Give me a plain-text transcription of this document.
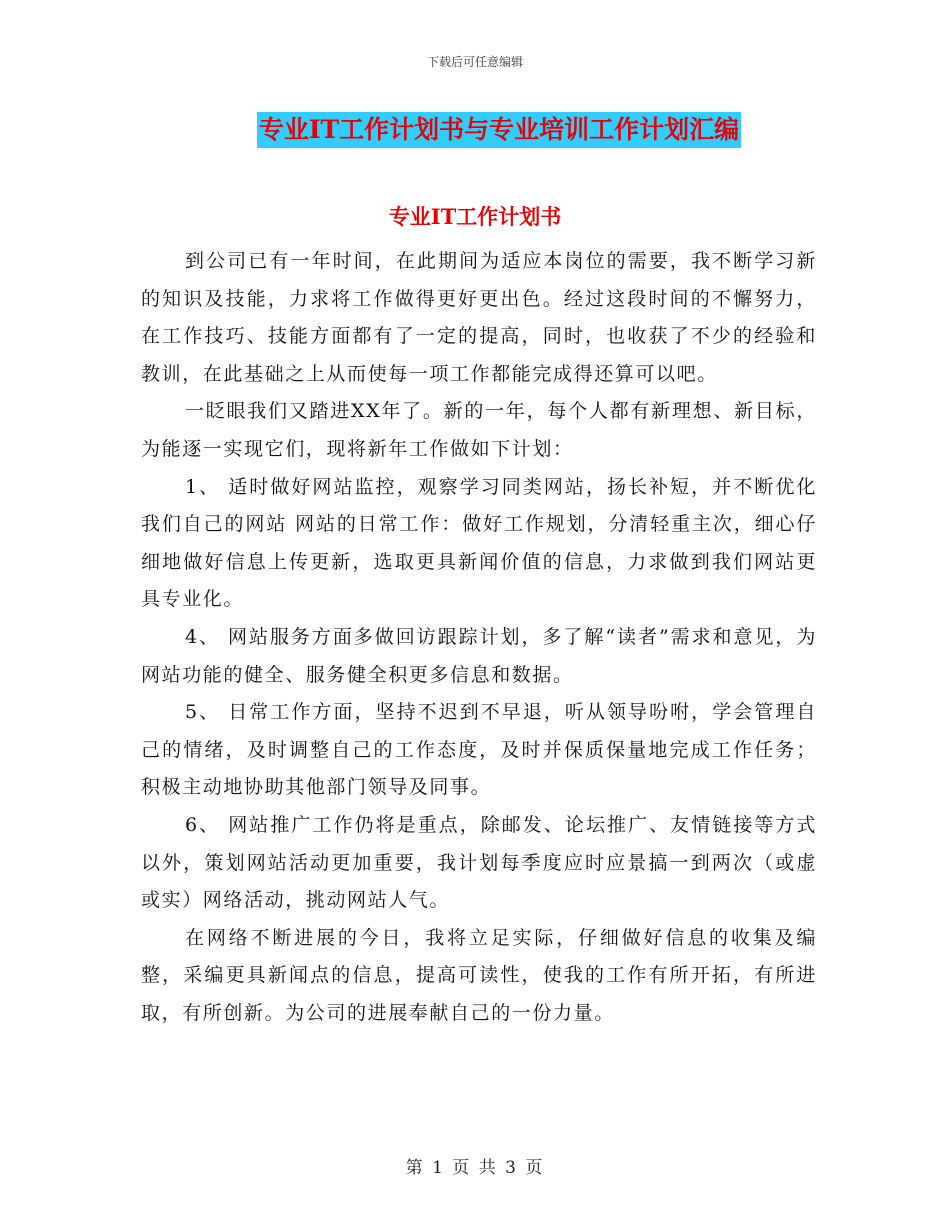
下载后可任意编辑
专业IT工作计划书与专业培训工作计划汇编
专业IT工作计划书

到公司已有一年时间，在此期间为适应本岗位的需要，我不断学习新的知识及技能，力求将工作做得更好更出色。经过这段时间的不懈努力，在工作技巧、技能方面都有了一定的提高，同时，也收获了不少的经验和教训，在此基础之上从而使每一项工作都能完成得还算可以吧。

一眨眼我们又踏进XX年了。新的一年，每个人都有新理想、新目标，为能逐一实现它们，现将新年工作做如下计划：

1、 适时做好网站监控，观察学习同类网站，扬长补短，并不断优化我们自己的网站 网站的日常工作：做好工作规划，分清轻重主次，细心仔细地做好信息上传更新，选取更具新闻价值的信息，力求做到我们网站更具专业化。

4、 网站服务方面多做回访跟踪计划，多了解“读者”需求和意见，为网站功能的健全、服务健全积更多信息和数据。

5、 日常工作方面，坚持不迟到不早退，听从领导吩咐，学会管理自己的情绪，及时调整自己的工作态度，及时并保质保量地完成工作任务；积极主动地协助其他部门领导及同事。

6、 网站推广工作仍将是重点，除邮发、论坛推广、友情链接等方式以外，策划网站活动更加重要，我计划每季度应时应景搞一到两次（或虚或实）网络活动，挑动网站人气。

在网络不断进展的今日，我将立足实际，仔细做好信息的收集及编整，采编更具新闻点的信息，提高可读性，使我的工作有所开拓，有所进取，有所创新。为公司的进展奉献自己的一份力量。

第 1 页 共 3 页
